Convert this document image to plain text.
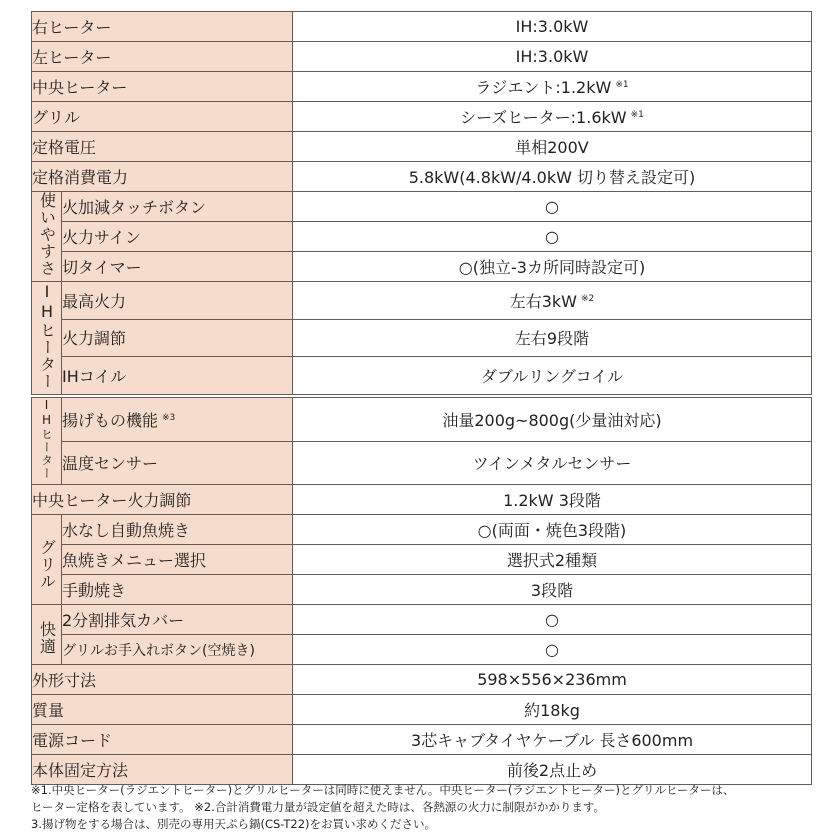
右ヒーター		IH:3.0kW
左ヒーター		IH:3.0kW
中央ヒーター		ラジエント:1.2kW $^{※1}$
グリル		シーズヒーター:1.6kW $^{※1}$
定格電圧		単相200V
定格消費電力		5.8kW(4.8kW/4.0kW 切り替え設定可)
使いやすさ	火加減タッチボタン	○
	火力サイン	○
	切タイマー	○(独立-3カ所同時設定可)
IHヒーター	最高火力	左右3kW $^{※2}$
	火力調節	左右9段階
	IHコイル	ダブルリングコイル
IHヒーター	揚げもの機能 $^{※3}$	油量200g~800g(少量油対応)
	温度センサー	ツインメタルセンサー
中央ヒーター火力調節		1.2kW 3段階
グリル	水なし自動魚焼き	○(両面・焼色3段階)
	魚焼きメニュー選択	選択式2種類
	手動焼き	3段階
快適	2分割排気カバー	○
	グリルお手入れボタン(空焼き)	○
外形寸法		598×556×236mm
質量		約18kg
電源コード		3芯キャブタイヤケーブル 長さ600mm
本体固定方法		前後2点止め
※1.中央ヒーター(ラジエントヒーター)とグリルヒーターは同時に使えません。中央ヒーター(ラジエントヒーター)とグリルヒーターは、
ヒーター定格を表しています。 ※2.合計消費電力量が設定値を超えた時は、各熱源の火力に制限がかかります。
3.揚げ物をする場合は、別売の専用天ぷら鍋(CS-T22)をお買い求めください。
